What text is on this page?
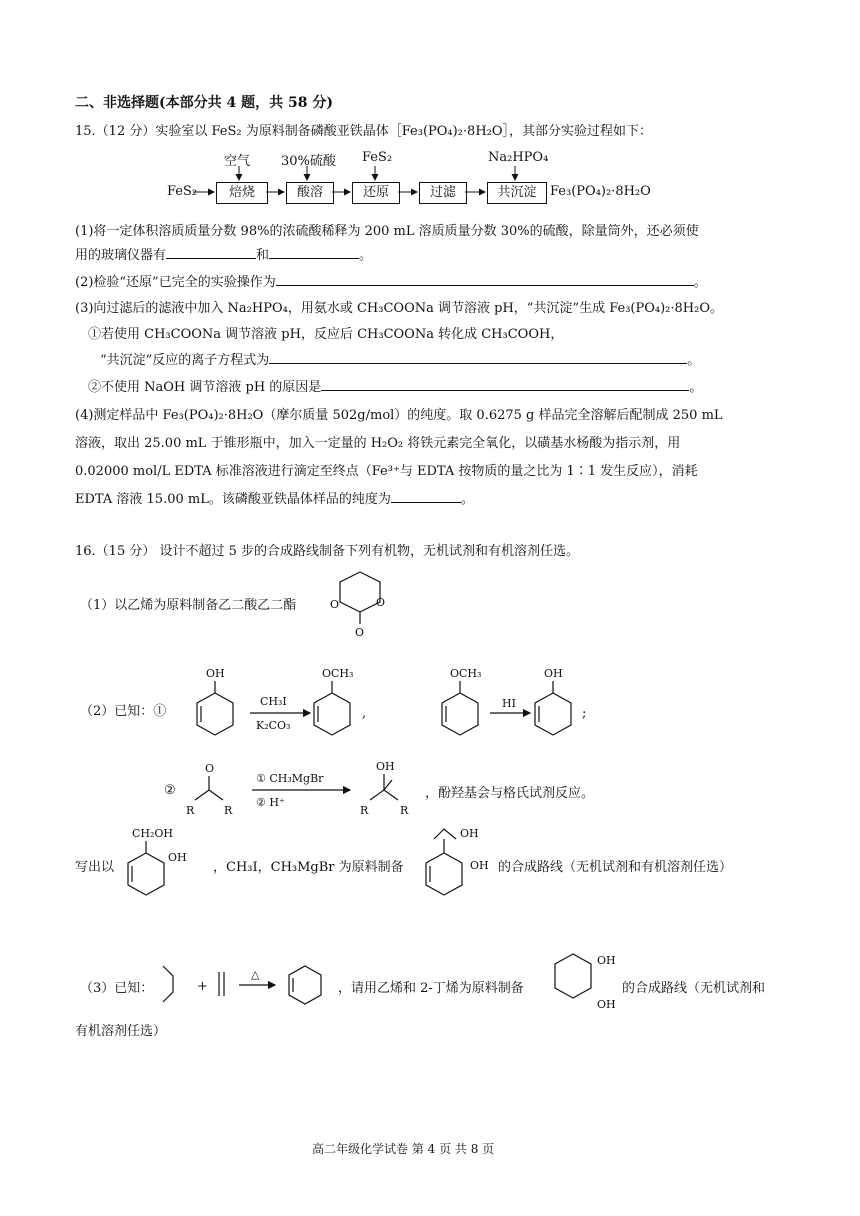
二、非选择题(本部分共 4 题，共 58 分)
15.（12 分）实验室以 FeS₂ 为原料制备磷酸亚铁晶体［Fe₃(PO₄)₂·8H₂O］，其部分实验过程如下：
FeS₂	焙烧	酸溶	还原	过滤	共沉淀	Fe₃(PO₄)₂·8H₂O
空气 30%硫酸 FeS₂	Na₂HPO₄
(1)将一定体积溶质质量分数 98%的浓硫酸稀释为 200 mL 溶质质量分数 30%的硫酸，除量筒外，还必须使
用的玻璃仪器有	和	。
(2)检验“还原”已完全的实验操作为	。
(3)向过滤后的滤液中加入 Na₂HPO₄，用氨水或 CH₃COONa 调节溶液 pH，“共沉淀”生成 Fe₃(PO₄)₂·8H₂O。
①若使用 CH₃COONa 调节溶液 pH，反应后 CH₃COONa 转化成 CH₃COOH，
“共沉淀”反应的离子方程式为	。
②不使用 NaOH 调节溶液 pH 的原因是	。
(4)测定样品中 Fe₃(PO₄)₂·8H₂O（摩尔质量 502g/mol）的纯度。取 0.6275 g 样品完全溶解后配制成 250 mL
溶液，取出 25.00 mL 于锥形瓶中，加入一定量的 H₂O₂ 将铁元素完全氧化，以磺基水杨酸为指示剂，用
0.02000 mol/L EDTA 标准溶液进行滴定至终点（Fe³⁺与 EDTA 按物质的量之比为 1∶1 发生反应），消耗
EDTA 溶液 15.00 mL。该磷酸亚铁晶体样品的纯度为	。
16.（15 分） 设计不超过 5 步的合成路线制备下列有机物，无机试剂和有机溶剂任选。
（1）以乙烯为原料制备乙二酸乙二酯	O
O
O
（2）已知：①
OH
CH₃I
K₂CO₃
OCH₃
,
OCH₃
HI
OH
;
②
O
R	R
① CH₃MgBr
② H⁺
OH
R	R
，酚羟基会与格氏试剂反应。
写出以
CH₂OH
OH
，CH₃I，CH₃MgBr 为原料制备
OH
OH 的合成路线（无机试剂和有机溶剂任选）
（3）已知：	+
△
，请用乙烯和 2-丁烯为原料制备
OH
OH
的合成路线（无机试剂和
有机溶剂任选）
高二年级化学试卷 第 4 页 共 8 页
